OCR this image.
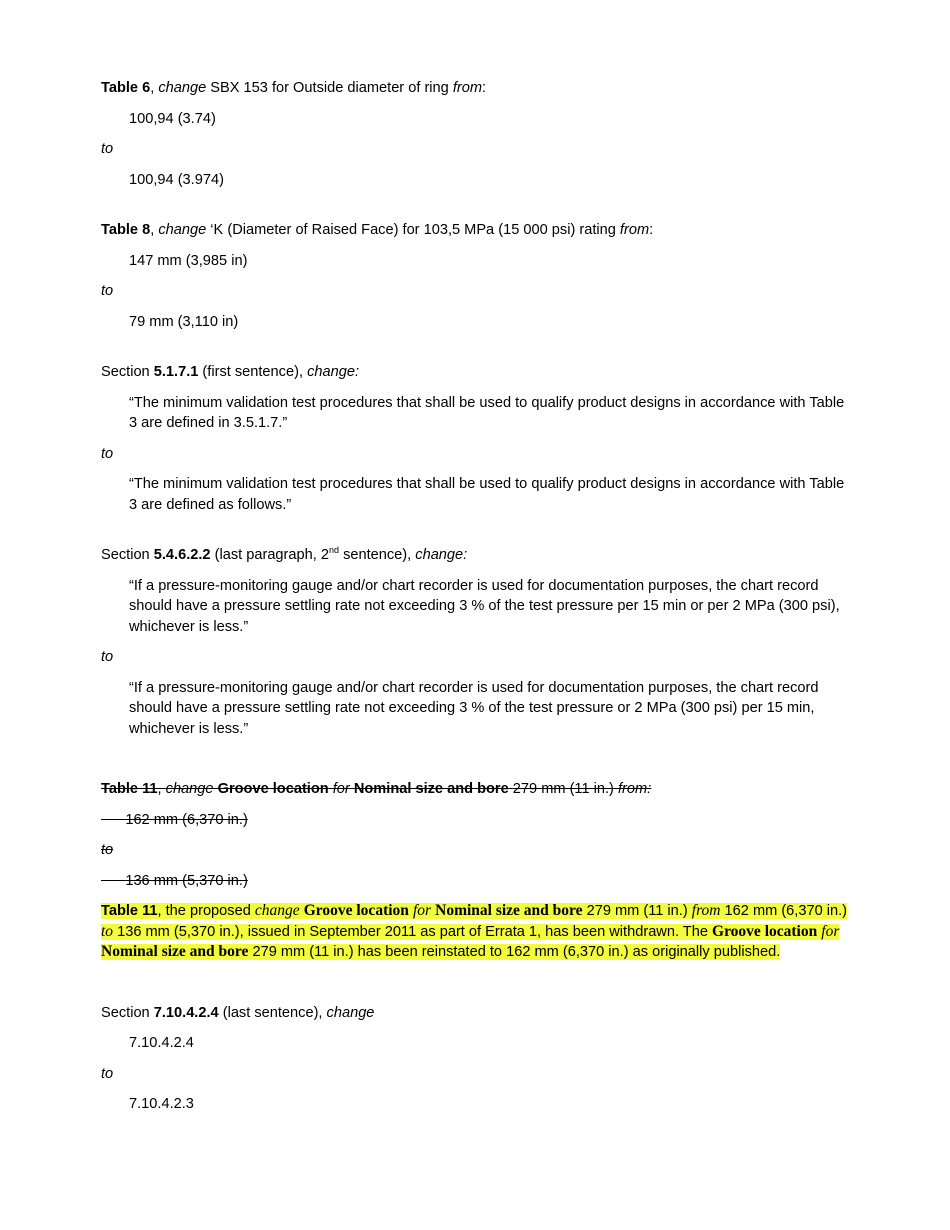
Table 6, change SBX 153 for Outside diameter of ring from:

100,94 (3.74)

to

100,94 (3.974)

Table 8, change ‘K (Diameter of Raised Face) for 103,5 MPa (15 000 psi) rating from:

147 mm (3,985 in)

to

79 mm (3,110 in)

Section 5.1.7.1 (first sentence), change:

“The minimum validation test procedures that shall be used to qualify product designs in accordance with Table 3 are defined in 3.5.1.7.”

to

“The minimum validation test procedures that shall be used to qualify product designs in accordance with Table 3 are defined as follows.”

Section 5.4.6.2.2 (last paragraph, 2nd sentence), change:

“If a pressure-monitoring gauge and/or chart recorder is used for documentation purposes, the chart record should have a pressure settling rate not exceeding 3 % of the test pressure per 15 min or per 2 MPa (300 psi), whichever is less.”

to

“If a pressure-monitoring gauge and/or chart recorder is used for documentation purposes, the chart record should have a pressure settling rate not exceeding 3 % of the test pressure or 2 MPa (300 psi) per 15 min, whichever is less.”

Table 11, change Groove location for Nominal size and bore 279 mm (11 in.) from:

162 mm (6,370 in.)

to

136 mm (5,370 in.)

Table 11, the proposed change Groove location for Nominal size and bore 279 mm (11 in.) from 162 mm (6,370 in.) to 136 mm (5,370 in.), issued in September 2011 as part of Errata 1, has been withdrawn. The Groove location for Nominal size and bore 279 mm (11 in.) has been reinstated to 162 mm (6,370 in.) as originally published.

Section 7.10.4.2.4 (last sentence), change

7.10.4.2.4

to

7.10.4.2.3
